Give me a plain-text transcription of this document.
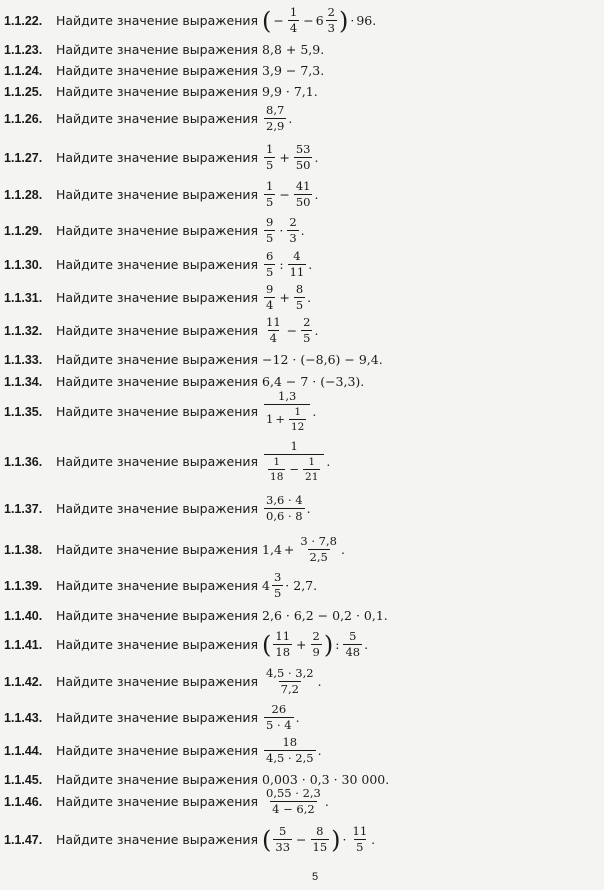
1.1.22.	Найдите значение выражения ( − $\frac{1}{4} - 6 \frac{2}{3}$ ) · 96 .
1.1.23.	Найдите значение выражения 8,8 + 5,9.
1.1.24.	Найдите значение выражения 3,9 − 7,3.
1.1.25.	Найдите значение выражения 9,9 · 7,1.
1.1.26.	Найдите значение выражения $\frac{8,7}{2,9}$ .
1.1.27.	Найдите значение выражения $\frac{1}{5} + \frac{53}{50}$ .
1.1.28.	Найдите значение выражения $\frac{1}{5} - \frac{41}{50}$ .
1.1.29.	Найдите значение выражения $\frac{9}{5} \cdot \frac{2}{3}$ .
1.1.30.	Найдите значение выражения $\frac{6}{5}$ : $\frac{4}{11}$ .
1.1.31.	Найдите значение выражения $\frac{9}{4} + \frac{8}{5}$ .
1.1.32.	Найдите значение выражения $\frac{11}{4} - \frac{2}{5}$ .
1.1.33.	Найдите значение выражения −12 · (−8,6) − 9,4.
1.1.34.	Найдите значение выражения 6,4 − 7 · (−3,3).
1.1.35.	Найдите значение выражения $\frac{1,3}{1 + \frac{1}{12}}$ .
1.1.36.	Найдите значение выражения $\frac{1}{\frac{1}{18} - \frac{1}{21}}$ .
1.1.37.	Найдите значение выражения $\frac{3,6 \cdot 4}{0,6 \cdot 8}$ .
1.1.38.	Найдите значение выражения $1,4 + \frac{3 \cdot 7,8}{2,5}$ .
1.1.39.	Найдите значение выражения $4 \frac{3}{5} \cdot 2,7$ .
1.1.40.	Найдите значение выражения 2,6 · 6,2 − 0,2 · 0,1.
1.1.41.	Найдите значение выражения ( $\frac{11}{18} + \frac{2}{9}$ ) : $\frac{5}{48}$ .
1.1.42.	Найдите значение выражения $\frac{4,5 \cdot 3,2}{7,2}$ .
1.1.43.	Найдите значение выражения $\frac{26}{5 \cdot 4}$ .
1.1.44.	Найдите значение выражения $\frac{18}{4,5 \cdot 2,5}$ .
1.1.45.	Найдите значение выражения 0,003 · 0,3 · 30 000.
1.1.46.	Найдите значение выражения $\frac{0,55 \cdot 2,3}{4 - 6,2}$ .
1.1.47.	Найдите значение выражения ( $\frac{5}{33} - \frac{8}{15}$ ) · $\frac{11}{5}$ .
5
